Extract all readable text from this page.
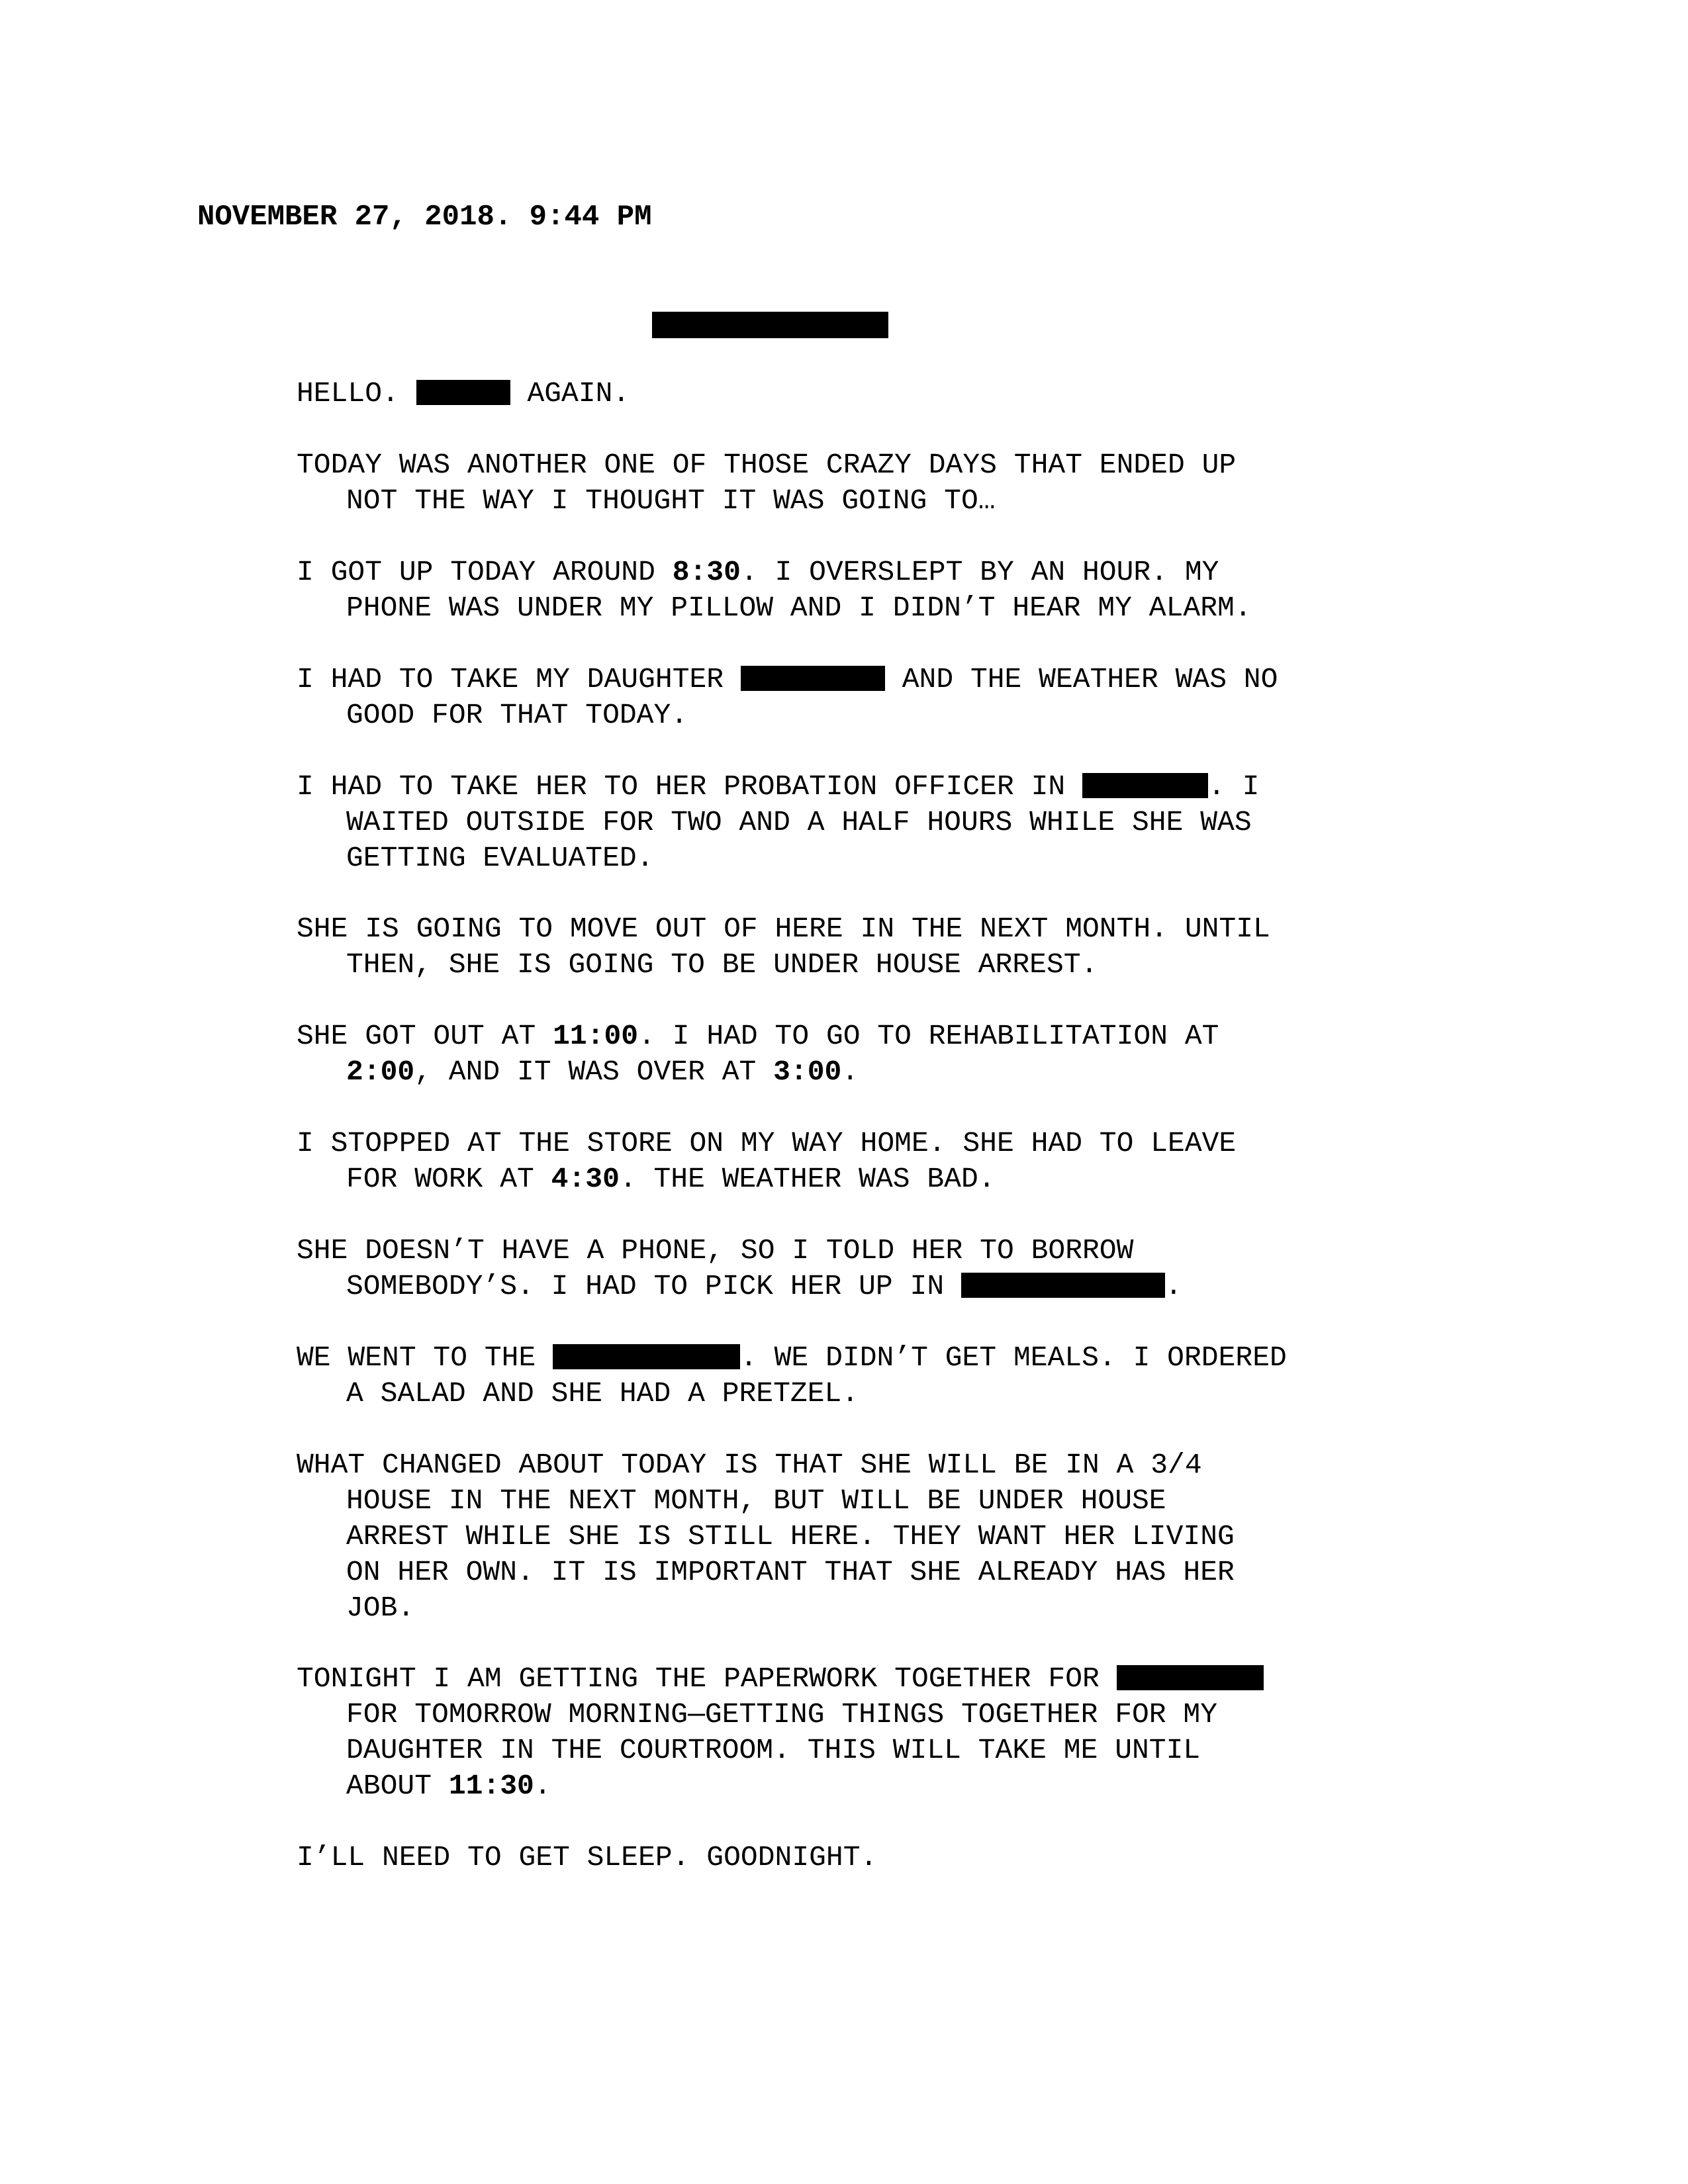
NOVEMBER 27, 2018. 9:44 PM
HELLO.	AGAIN.
TODAY WAS ANOTHER ONE OF THOSE CRAZY DAYS THAT ENDED UP
NOT THE WAY I THOUGHT IT WAS GOING TO…
I GOT UP TODAY AROUND 8:30. I OVERSLEPT BY AN HOUR. MY
PHONE WAS UNDER MY PILLOW AND I DIDN’T HEAR MY ALARM.
I HAD TO TAKE MY DAUGHTER	AND THE WEATHER WAS NO
GOOD FOR THAT TODAY.
I HAD TO TAKE HER TO HER PROBATION OFFICER IN	. I
WAITED OUTSIDE FOR TWO AND A HALF HOURS WHILE SHE WAS
GETTING EVALUATED.
SHE IS GOING TO MOVE OUT OF HERE IN THE NEXT MONTH. UNTIL
THEN, SHE IS GOING TO BE UNDER HOUSE ARREST.
SHE GOT OUT AT 11:00. I HAD TO GO TO REHABILITATION AT
2:00, AND IT WAS OVER AT 3:00.
I STOPPED AT THE STORE ON MY WAY HOME. SHE HAD TO LEAVE
FOR WORK AT 4:30. THE WEATHER WAS BAD.
SHE DOESN’T HAVE A PHONE, SO I TOLD HER TO BORROW
SOMEBODY’S. I HAD TO PICK HER UP IN	.
WE WENT TO THE	. WE DIDN’T GET MEALS. I ORDERED
A SALAD AND SHE HAD A PRETZEL.
WHAT CHANGED ABOUT TODAY IS THAT SHE WILL BE IN A 3/4
HOUSE IN THE NEXT MONTH, BUT WILL BE UNDER HOUSE
ARREST WHILE SHE IS STILL HERE. THEY WANT HER LIVING
ON HER OWN. IT IS IMPORTANT THAT SHE ALREADY HAS HER
JOB.
TONIGHT I AM GETTING THE PAPERWORK TOGETHER FOR
FOR TOMORROW MORNING—GETTING THINGS TOGETHER FOR MY
DAUGHTER IN THE COURTROOM. THIS WILL TAKE ME UNTIL
ABOUT 11:30.
I’LL NEED TO GET SLEEP. GOODNIGHT.
